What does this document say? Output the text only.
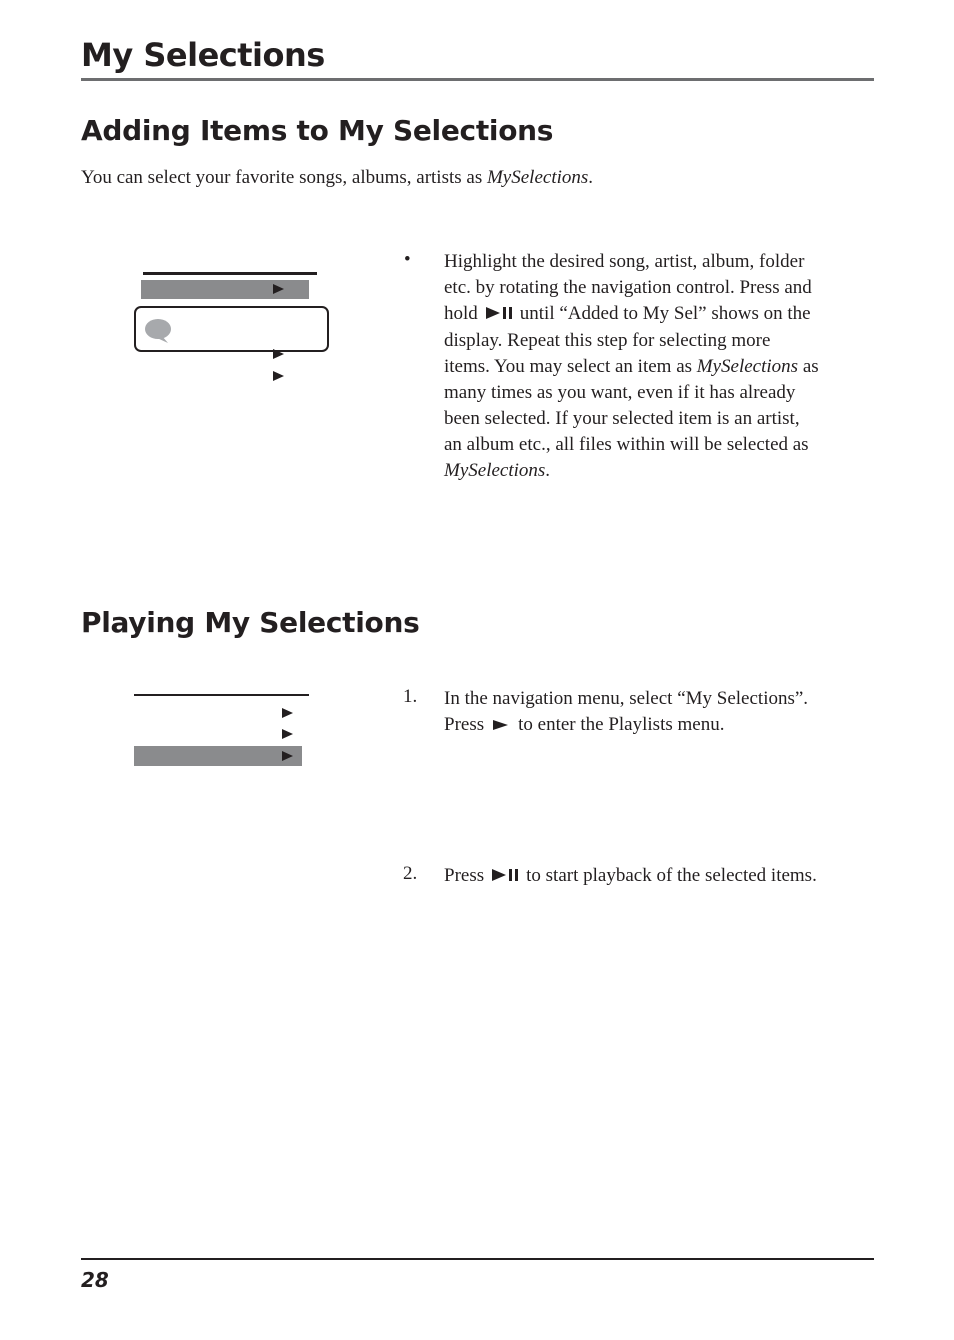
My Selections
Adding Items to My Selections
You can select your favorite songs, albums, artists as MySelections.
• Highlight the desired song, artist, album, folder
etc. by rotating the navigation control. Press and
hold until “Added to My Sel” shows on the
display. Repeat this step for selecting more
items. You may select an item as MySelections as
many times as you want, even if it has already
been selected. If your selected item is an artist,
an album etc., all files within will be selected as
MySelections.
Playing My Selections
1. In the navigation menu, select “My Selections”.
Press to enter the Playlists menu.
2. Press to start playback of the selected items.
28
